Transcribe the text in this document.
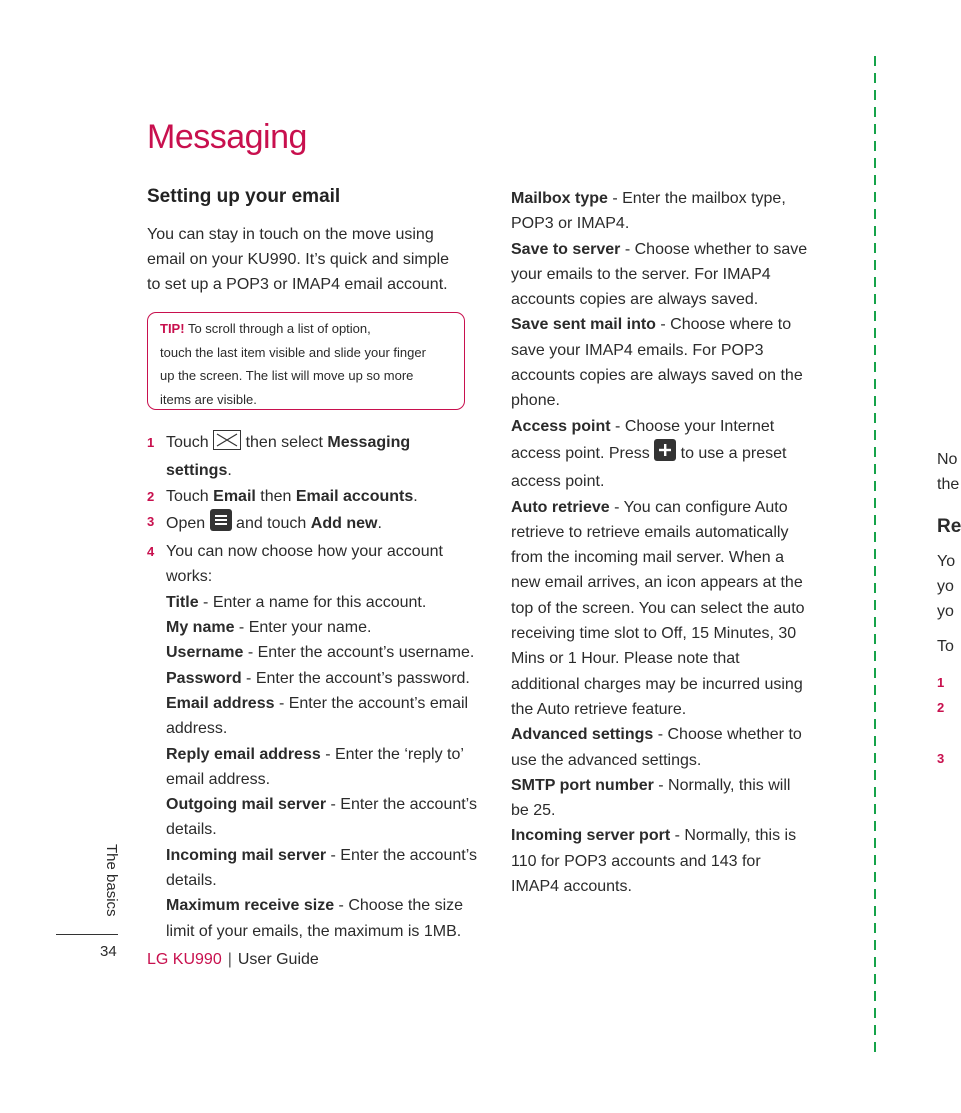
Messaging
Setting up your email
You can stay in touch on the move using email on your KU990. It’s quick and simple to set up a POP3 or IMAP4 email account.
TIP! To scroll through a list of option,
touch the last item visible and slide your finger
up the screen. The list will move up so more
items are visible.
1 Touch  then select Messaging settings.
2 Touch Email then Email accounts.
3 Open  and touch Add new.
4 You can now choose how your account works:
Title - Enter a name for this account.
My name - Enter your name.
Username - Enter the account’s username.
Password - Enter the account’s password.
Email address - Enter the account’s email address.
Reply email address - Enter the ‘reply to’ email address.
Outgoing mail server - Enter the account’s details.
Incoming mail server - Enter the account’s details.
Maximum receive size - Choose the size limit of your emails, the maximum is 1MB.
Mailbox type - Enter the mailbox type, POP3 or IMAP4.
Save to server - Choose whether to save your emails to the server. For IMAP4 accounts copies are always saved.
Save sent mail into - Choose where to save your IMAP4 emails. For POP3 accounts copies are always saved on the phone.
Access point - Choose your Internet access point. Press  to use a preset access point.
Auto retrieve - You can configure Auto retrieve to retrieve emails automatically from the incoming mail server. When a new email arrives, an icon appears at the top of the screen. You can select the auto receiving time slot to Off, 15 Minutes, 30 Mins or 1 Hour. Please note that additional charges may be incurred using the Auto retrieve feature.
Advanced settings - Choose whether to use the advanced settings.
SMTP port number - Normally, this will be 25.
Incoming server port - Normally, this is 110 for POP3 accounts and 143 for IMAP4 accounts.
The basics
34 LG KU990 | User Guide
No
the
Re
Yo
yo
yo
To
1
2
3
